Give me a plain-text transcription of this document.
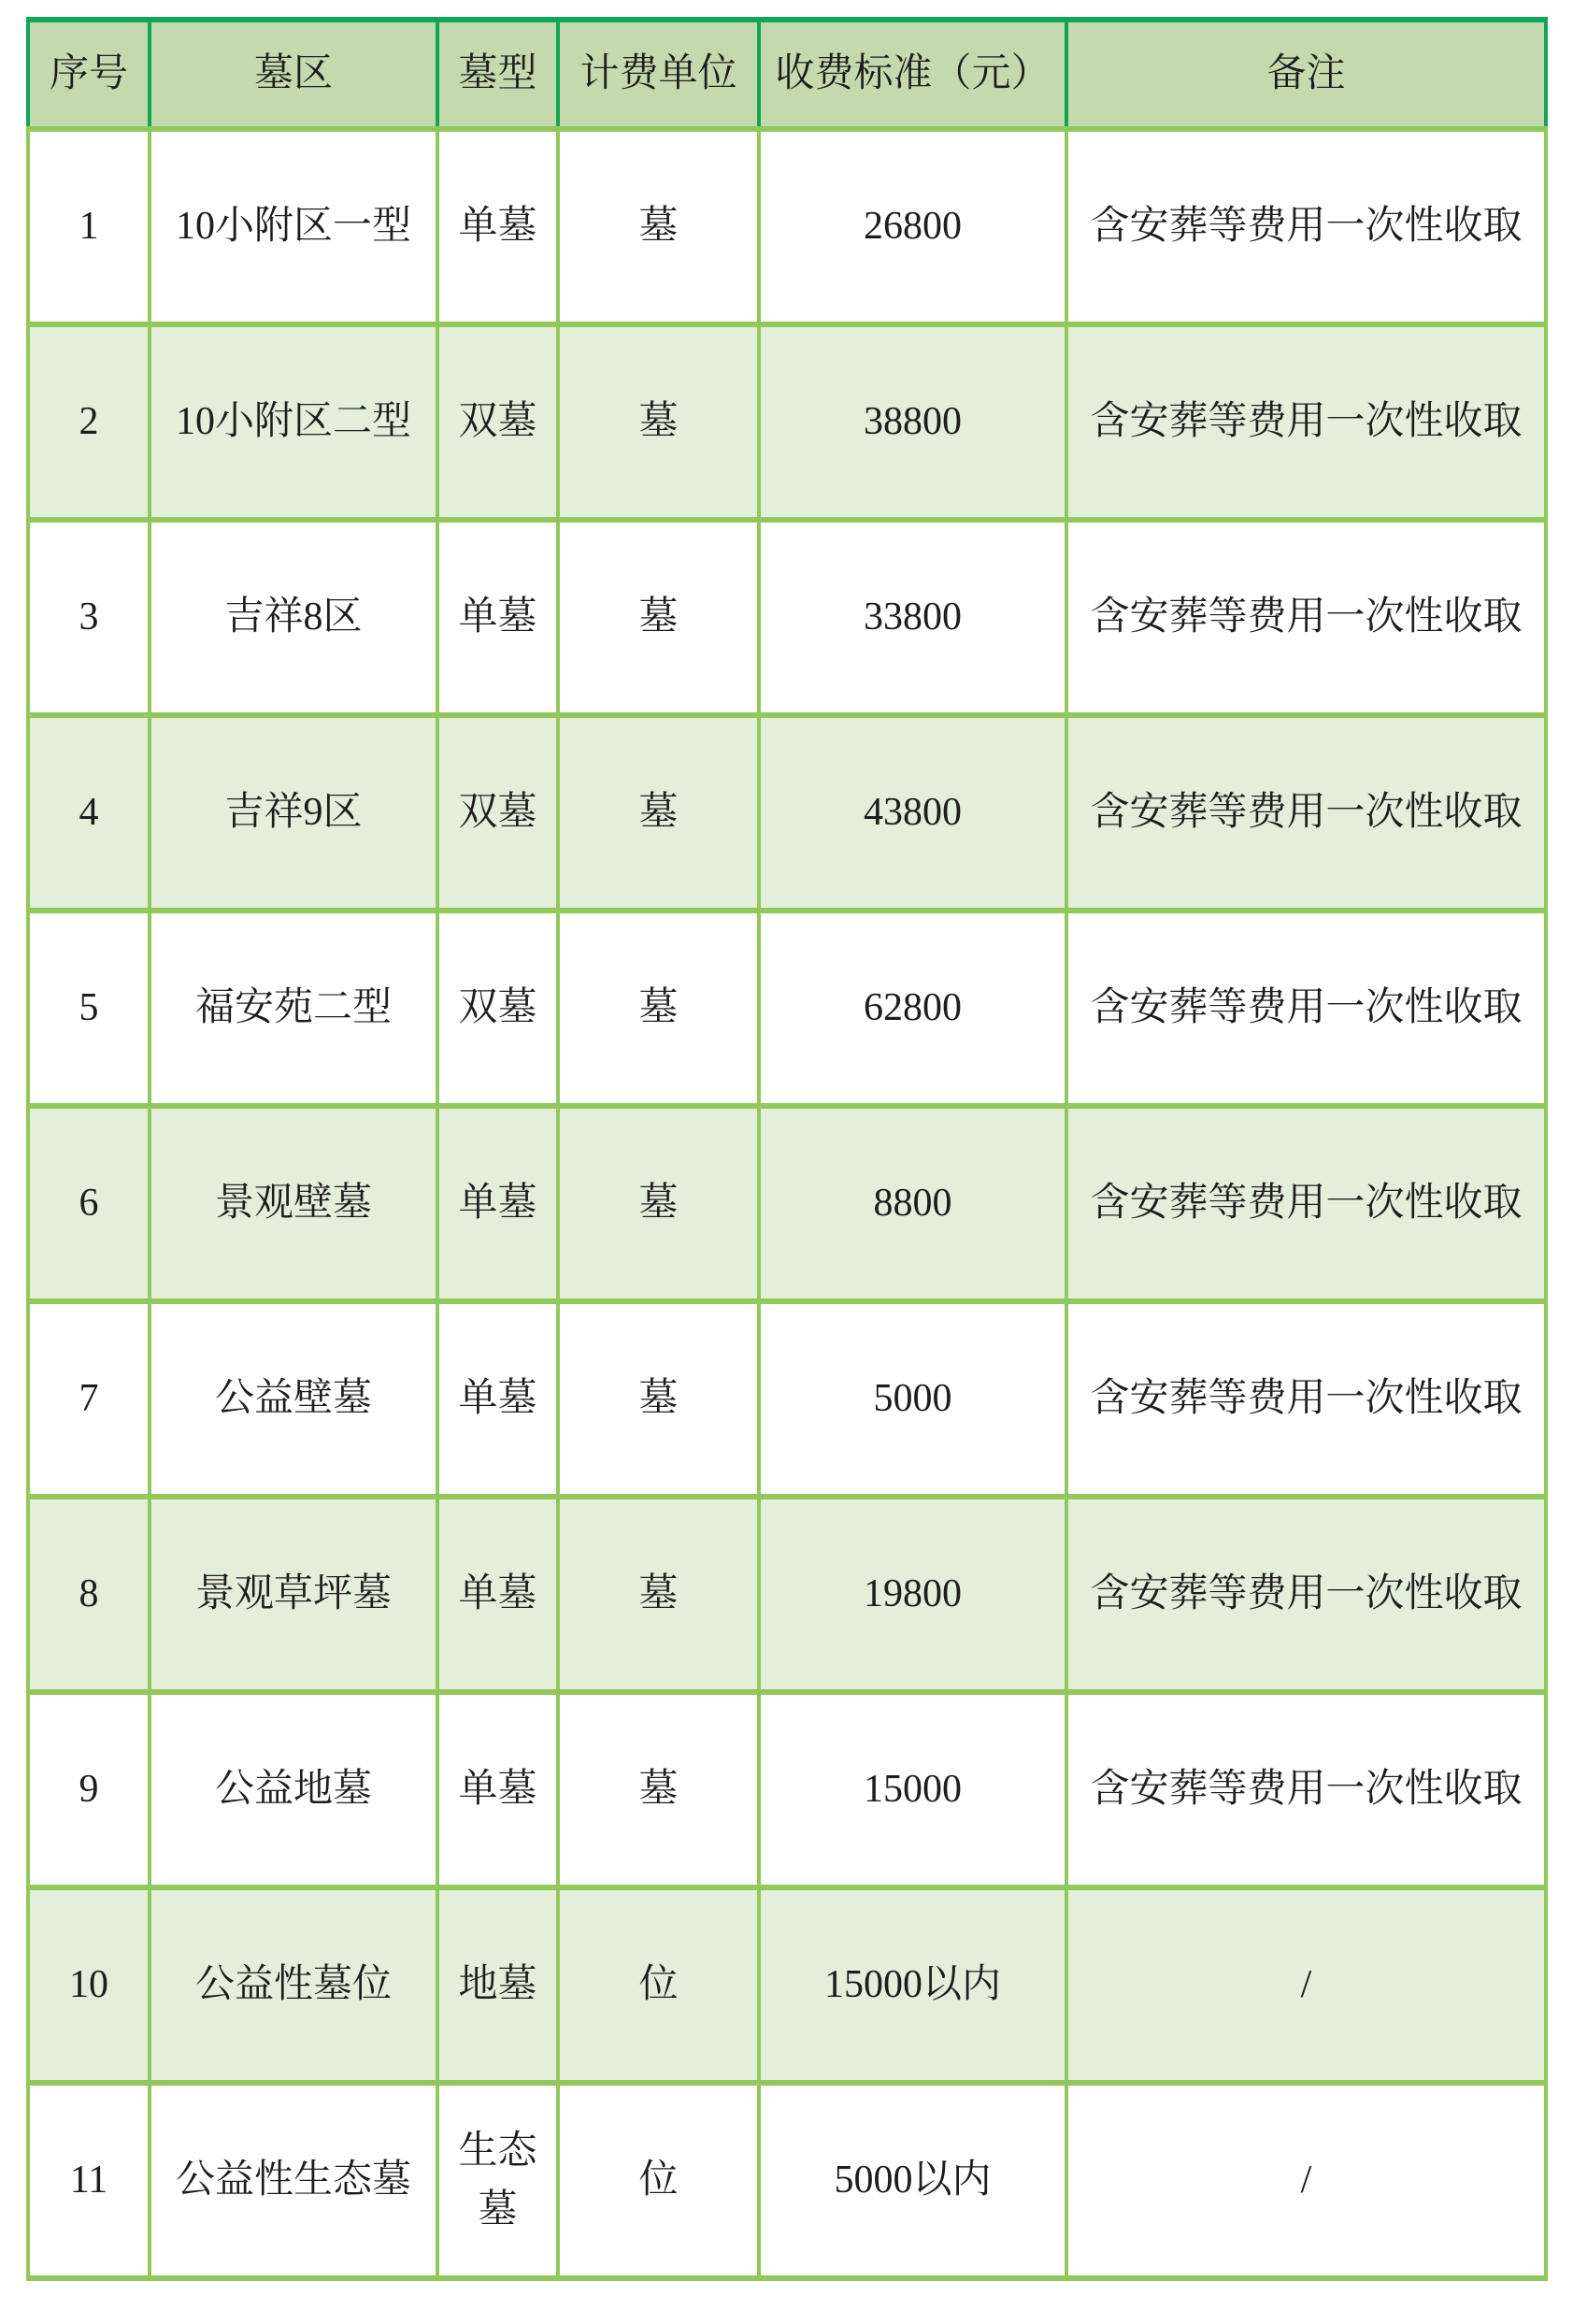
序号	墓区	墓型	计费单位	收费标准（元）	备注
1	10小附区一型	单墓	墓	26800	含安葬等费用一次性收取
2	10小附区二型	双墓	墓	38800	含安葬等费用一次性收取
3	吉祥8区	单墓	墓	33800	含安葬等费用一次性收取
4	吉祥9区	双墓	墓	43800	含安葬等费用一次性收取
5	福安苑二型	双墓	墓	62800	含安葬等费用一次性收取
6	景观壁墓	单墓	墓	8800	含安葬等费用一次性收取
7	公益壁墓	单墓	墓	5000	含安葬等费用一次性收取
8	景观草坪墓	单墓	墓	19800	含安葬等费用一次性收取
9	公益地墓	单墓	墓	15000	含安葬等费用一次性收取
10	公益性墓位	地墓	位	15000以内	/
11	公益性生态墓	生态墓	位	5000以内	/
